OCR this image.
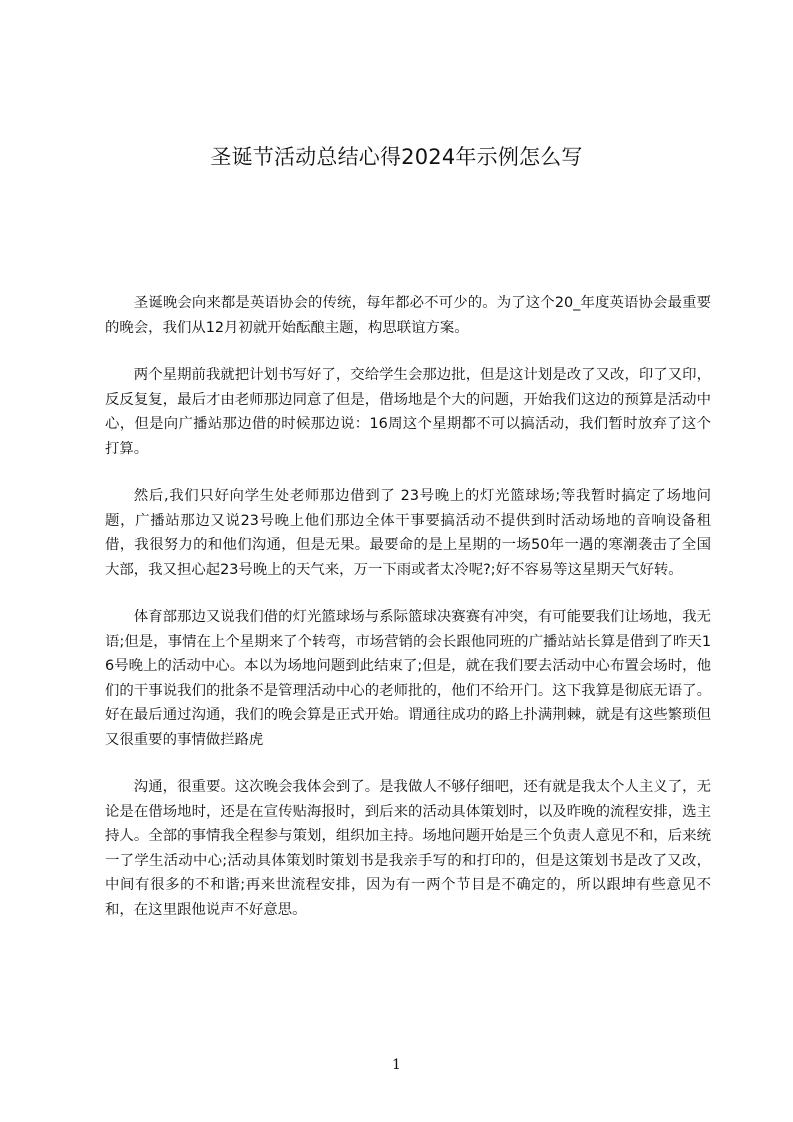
圣诞节活动总结心得2024年示例怎么写

圣诞晚会向来都是英语协会的传统，每年都必不可少的。为了这个20_年度英语协会最重要的晚会，我们从12月初就开始酝酿主题，构思联谊方案。

两个星期前我就把计划书写好了，交给学生会那边批，但是这计划是改了又改，印了又印，反反复复，最后才由老师那边同意了但是，借场地是个大的问题，开始我们这边的预算是活动中心，但是向广播站那边借的时候那边说：16周这个星期都不可以搞活动，我们暂时放弃了这个打算。

然后,我们只好向学生处老师那边借到了 23号晚上的灯光篮球场;等我暂时搞定了场地问题，广播站那边又说23号晚上他们那边全体干事要搞活动不提供到时活动场地的音响设备租借，我很努力的和他们沟通，但是无果。最要命的是上星期的一场50年一遇的寒潮袭击了全国大部，我又担心起23号晚上的天气来，万一下雨或者太冷呢?;好不容易等这星期天气好转。

体育部那边又说我们借的灯光篮球场与系际篮球决赛赛有冲突，有可能要我们让场地，我无语;但是，事情在上个星期来了个转弯，市场营销的会长跟他同班的广播站站长算是借到了昨天16号晚上的活动中心。本以为场地问题到此结束了;但是，就在我们要去活动中心布置会场时，他们的干事说我们的批条不是管理活动中心的老师批的，他们不给开门。这下我算是彻底无语了。好在最后通过沟通，我们的晚会算是正式开始。谓通往成功的路上扑满荆棘，就是有这些繁琐但又很重要的事情做拦路虎

沟通，很重要。这次晚会我体会到了。是我做人不够仔细吧，还有就是我太个人主义了，无论是在借场地时，还是在宣传贴海报时，到后来的活动具体策划时，以及昨晚的流程安排，选主持人。全部的事情我全程参与策划，组织加主持。场地问题开始是三个负责人意见不和，后来统一了学生活动中心;活动具体策划时策划书是我亲手写的和打印的，但是这策划书是改了又改，中间有很多的不和谐;再来世流程安排，因为有一两个节目是不确定的，所以跟坤有些意见不和，在这里跟他说声不好意思。

1
